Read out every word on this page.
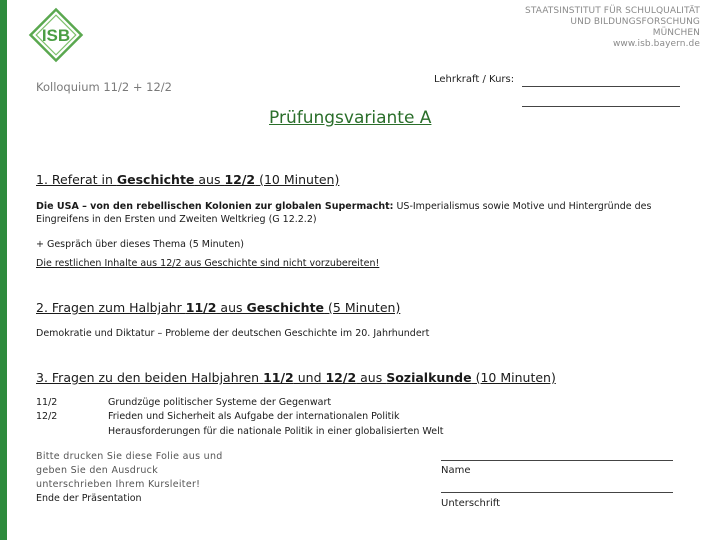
ISB
STAATSINSTITUT FÜR SCHULQUALITÄT
UND BILDUNGSFORSCHUNG
MÜNCHEN
www.isb.bayern.de
Kolloquium 11/2 + 12/2
Lehrkraft / Kurs:
Prüfungsvariante A
1. Referat in Geschichte aus 12/2 (10 Minuten)
Die USA – von den rebellischen Kolonien zur globalen Supermacht: US-Imperialismus sowie Motive und Hintergründe des Eingreifens in den Ersten und Zweiten Weltkrieg (G 12.2.2)
+ Gespräch über dieses Thema (5 Minuten)
Die restlichen Inhalte aus 12/2 aus Geschichte sind nicht vorzubereiten!
2. Fragen zum Halbjahr 11/2 aus Geschichte (5 Minuten)
Demokratie und Diktatur – Probleme der deutschen Geschichte im 20. Jahrhundert
3. Fragen zu den beiden Halbjahren 11/2 und 12/2 aus Sozialkunde (10 Minuten)
11/2	Grundzüge politischer Systeme der Gegenwart
12/2	Frieden und Sicherheit als Aufgabe der internationalen Politik
Herausforderungen für die nationale Politik in einer globalisierten Welt
Bitte drucken Sie diese Folie aus und
geben Sie den Ausdruck
unterschrieben Ihrem Kursleiter!
Ende der Präsentation
Name
Unterschrift
